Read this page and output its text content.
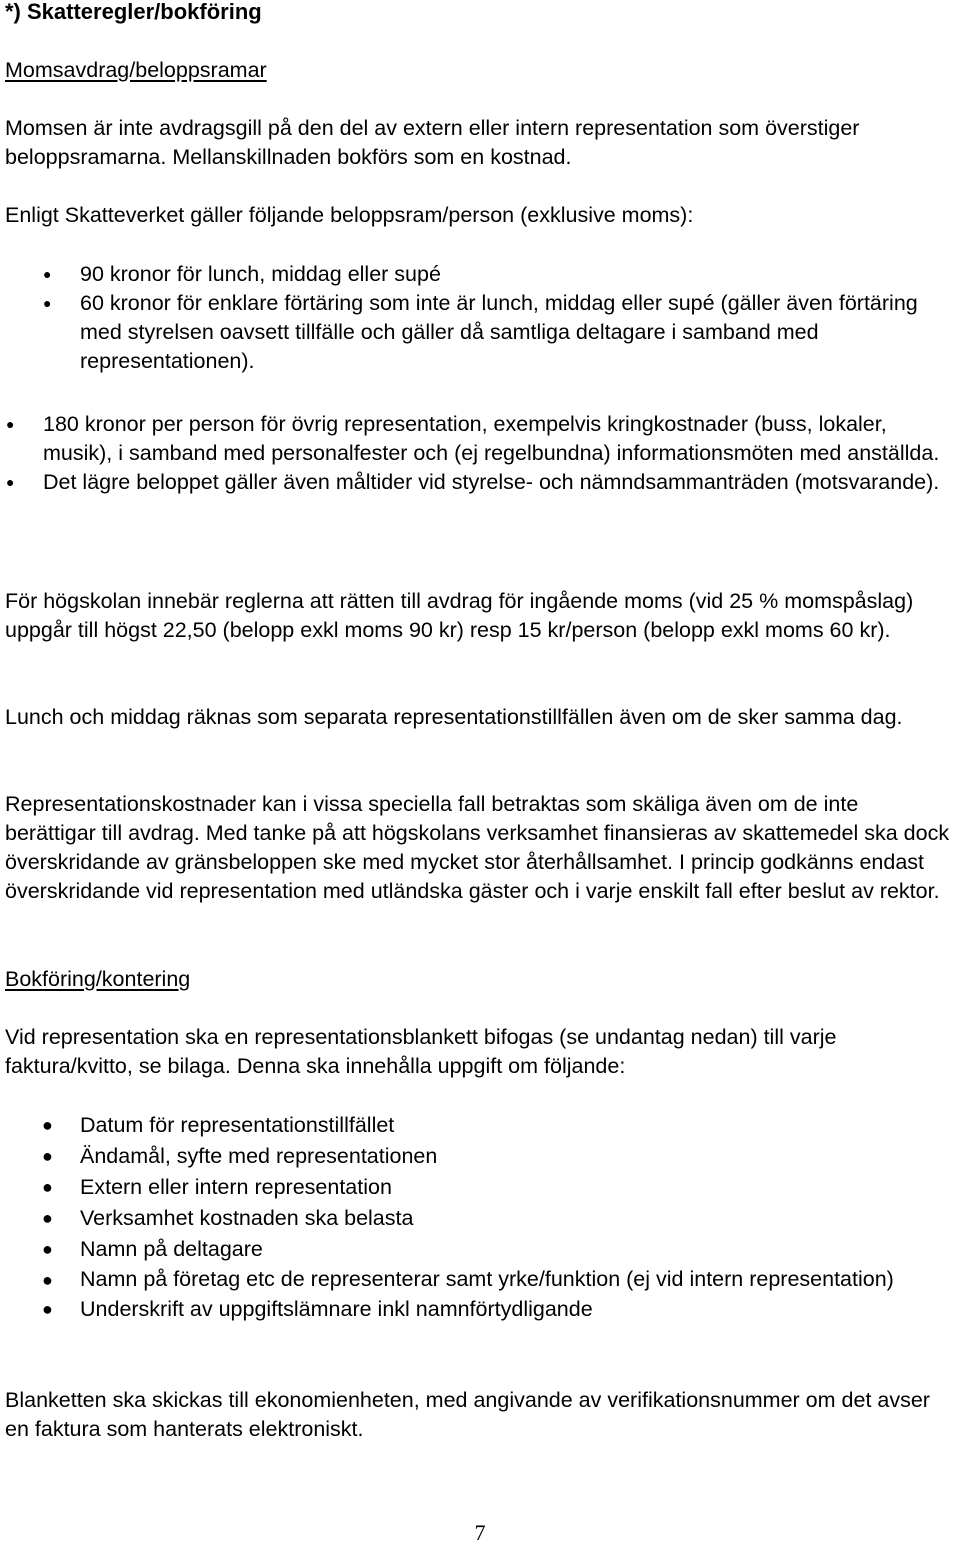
*) Skatteregler/bokföring
Momsavdrag/beloppsramar

Momsen är inte avdragsgill på den del av extern eller intern representation som överstiger beloppsramarna. Mellanskillnaden bokförs som en kostnad.

Enligt Skatteverket gäller följande beloppsram/person (exklusive moms):

● 90 kronor för lunch, middag eller supé
● 60 kronor för enklare förtäring som inte är lunch, middag eller supé (gäller även förtäring med styrelsen oavsett tillfälle och gäller då samtliga deltagare i samband med representationen).
● 180 kronor per person för övrig representation, exempelvis kringkostnader (buss, lokaler, musik), i samband med personalfester och (ej regelbundna) informationsmöten med anställda.
● Det lägre beloppet gäller även måltider vid styrelse- och nämndsammanträden (motsvarande).

För högskolan innebär reglerna att rätten till avdrag för ingående moms (vid 25 % momspåslag) uppgår till högst 22,50 (belopp exkl moms 90 kr) resp 15 kr/person (belopp exkl moms 60 kr).

Lunch och middag räknas som separata representationstillfällen även om de sker samma dag.

Representationskostnader kan i vissa speciella fall betraktas som skäliga även om de inte berättigar till avdrag. Med tanke på att högskolans verksamhet finansieras av skattemedel ska dock överskridande av gränsbeloppen ske med mycket stor återhållsamhet. I princip godkänns endast överskridande vid representation med utländska gäster och i varje enskilt fall efter beslut av rektor.

Bokföring/kontering

Vid representation ska en representationsblankett bifogas (se undantag nedan) till varje faktura/kvitto, se bilaga. Denna ska innehålla uppgift om följande:

● Datum för representationstillfället
● Ändamål, syfte med representationen
● Extern eller intern representation
● Verksamhet kostnaden ska belasta
● Namn på deltagare
● Namn på företag etc de representerar samt yrke/funktion (ej vid intern representation)
● Underskrift av uppgiftslämnare inkl namnförtydligande

Blanketten ska skickas till ekonomienheten, med angivande av verifikationsnummer om det avser en faktura som hanterats elektroniskt.

7
